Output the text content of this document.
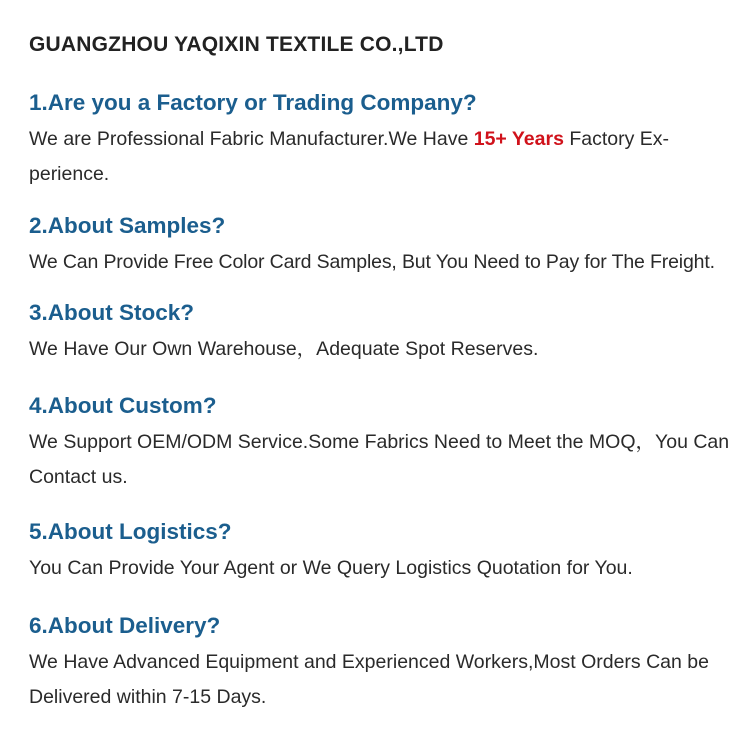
GUANGZHOU YAQIXIN TEXTILE CO.,LTD
1.Are you a Factory or Trading Company?
We are Professional Fabric Manufacturer.We Have 15+ Years Factory Ex-
perience.
2.About Samples?
We Can Provide Free Color Card Samples, But You Need to Pay for The Freight.
3.About Stock?
We Have Our Own Warehouse，Adequate Spot Reserves.
4.About Custom?
We Support OEM/ODM Service.Some Fabrics Need to Meet the MOQ，You Can Contact us.
5.About Logistics?
You Can Provide Your Agent or We Query Logistics Quotation for You.
6.About Delivery?
We Have Advanced Equipment and Experienced Workers,Most Orders Can be Delivered within 7-15 Days.
